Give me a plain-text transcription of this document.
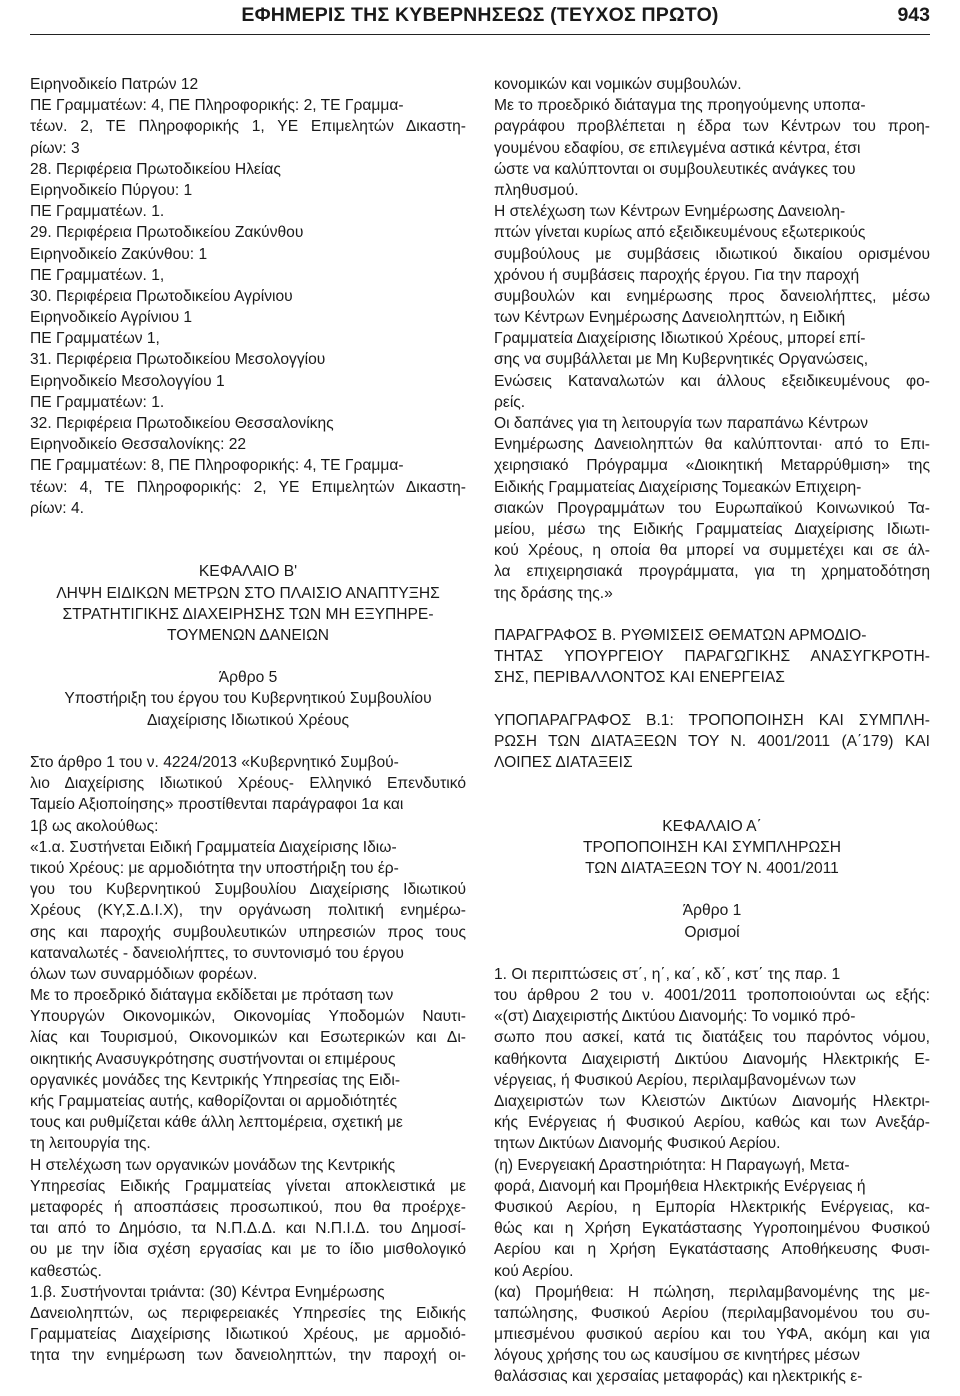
ΕΦΗΜΕΡΙΣ ΤΗΣ ΚΥΒΕΡΝΗΣΕΩΣ (ΤΕΥΧΟΣ ΠΡΩΤΟ)	943
Ειρηνοδικείο Πατρών 12
ΠΕ Γραμματέων: 4, ΠΕ Πληροφορικής: 2, ΤΕ Γραμμα-
τέων. 2, ΤΕ Πληροφορικής 1, ΥΕ Επιμελητών Δικαστη-
ρίων: 3
28. Περιφέρεια Πρωτοδικείου Ηλείας
Ειρηνοδικείο Πύργου: 1
ΠΕ Γραμματέων. 1.
29. Περιφέρεια Πρωτοδικείου Ζακύνθου
Ειρηνοδικείο Ζακύνθου: 1
ΠΕ Γραμματέων. 1,
30. Περιφέρεια Πρωτοδικείου Αγρίνιου
Ειρηνοδικείο Αγρίνιου 1
ΠΕ Γραμματέων 1,
31. Περιφέρεια Πρωτοδικείου Μεσολογγίου
Ειρηνοδικείο Μεσολογγίου 1
ΠΕ Γραμματέων: 1.
32. Περιφέρεια Πρωτοδικείου Θεσσαλονίκης
Ειρηνοδικείο Θεσσαλονίκης: 22
ΠΕ Γραμματέων: 8, ΠΕ Πληροφορικής: 4, ΤΕ Γραμμα-
τέων: 4, ΤΕ Πληροφορικής: 2, ΥΕ Επιμελητών Δικαστη-
ρίων: 4.
ΚΕΦΑΛΑΙΟ Β'
ΛΗΨΗ ΕΙΔΙΚΩΝ ΜΕΤΡΩΝ ΣΤΟ ΠΛΑΙΣΙΟ ΑΝΑΠΤΥΞΗΣ
ΣΤΡΑΤΗΤΙΓΙΚΗΣ ΔΙΑΧΕΙΡΗΣΗΣ ΤΩΝ ΜΗ ΕΞΥΠΗΡΕ-
ΤΟΥΜΕΝΩΝ ΔΑΝΕΙΩΝ
Άρθρο 5
Υποστήριξη του έργου του Κυβερνητικού Συμβουλίου
Διαχείρισης Ιδιωτικού Χρέους
Στο άρθρο 1 του ν. 4224/2013 «Κυβερνητικό Συμβού-
λιο Διαχείρισης Ιδιωτικού Χρέους- Ελληνικό Επενδυτικό
Ταμείο Αξιοποίησης» προστίθενται παράγραφοι 1α και
1β ως ακολούθως:
«1.α. Συστήνεται Ειδική Γραμματεία Διαχείρισης Ιδιω-
τικού Χρέους: με αρμοδιότητα την υποστήριξη του έρ-
γου του Κυβερνητικού Συμβουλίου Διαχείρισης Ιδιωτικού
Χρέους (ΚΥ,Σ.Δ.Ι.Χ), την οργάνωση πολιτική ενημέρω-
σης και παροχής συμβουλευτικών υπηρεσιών προς τους
καταναλωτές - δανειολήπτες, το συντονισμό του έργου
όλων των συναρμόδιων φορέων.
Με το προεδρικό διάταγμα εκδίδεται με πρόταση των
Υπουργών Οικονομικών, Οικονομίας Υποδομών Ναυτι-
λίας και Τουρισμού, Οικονομικών και Εσωτερικών και Δι-
οικητικής Ανασυγκρότησης συστήνονται οι επιμέρους
οργανικές μονάδες της Κεντρικής Υπηρεσίας της Ειδι-
κής Γραμματείας αυτής, καθορίζονται οι αρμοδιότητές
τους και ρυθμίζεται κάθε άλλη λεπτομέρεια, σχετική με
τη λειτουργία της.
Η στελέχωση των οργανικών μονάδων της Κεντρικής
Υπηρεσίας Ειδικής Γραμματείας γίνεται αποκλειστικά με
μεταφορές ή αποσπάσεις προσωπικού, που θα προέρχε-
ται από το Δημόσιο, τα Ν.Π.Δ.Δ. και Ν.Π.Ι.Δ. του Δημοσί-
ου με την ίδια σχέση εργασίας και με το ίδιο μισθολογικό
καθεστώς.
1.β. Συστήνονται τριάντα: (30) Κέντρα Ενημέρωσης
Δανειοληπτών, ως περιφερειακές Υπηρεσίες της Ειδικής
Γραμματείας Διαχείρισης Ιδιωτικού Χρέους, με αρμοδιό-
τητα την ενημέρωση των δανειοληπτών, την παροχή οι-
κονομικών και νομικών συμβουλών.
Με το προεδρικό διάταγμα της προηγούμενης υποπα-
ραγράφου προβλέπεται η έδρα των Κέντρων του προη-
γουμένου εδαφίου, σε επιλεγμένα αστικά κέντρα, έτσι
ώστε να καλύπτονται οι συμβουλευτικές ανάγκες του
πληθυσμού.
Η στελέχωση των Κέντρων Ενημέρωσης Δανειολη-
πτών γίνεται κυρίως από εξειδικευμένους εξωτερικούς
συμβούλους με συμβάσεις ιδιωτικού δικαίου ορισμένου
χρόνου ή συμβάσεις παροχής έργου. Για την παροχή
συμβουλών και ενημέρωσης προς δανειολήπτες, μέσω
των Κέντρων Ενημέρωσης Δανειοληπτών, η Ειδική
Γραμματεία Διαχείρισης Ιδιωτικού Χρέους, μπορεί επί-
σης να συμβάλλεται με Μη Κυβερνητικές Οργανώσεις,
Ενώσεις Καταναλωτών και άλλους εξειδικευμένους φο-
ρείς.
Οι δαπάνες για τη λειτουργία των παραπάνω Κέντρων
Ενημέρωσης Δανειοληπτών θα καλύπτονται· από το Επι-
χειρησιακό Πρόγραμμα «Διοικητική Μεταρρύθμιση» της
Ειδικής Γραμματείας Διαχείρισης Τομεακών Επιχειρη-
σιακών Προγραμμάτων του Ευρωπαϊκού Κοινωνικού Τα-
μείου, μέσω της Ειδικής Γραμματείας Διαχείρισης Ιδιωτι-
κού Χρέους, η οποία θα μπορεί να συμμετέχει και σε άλ-
λα επιχειρησιακά προγράμματα, για τη χρηματοδότηση
της δράσης της.»
ΠΑΡΑΓΡΑΦΟΣ Β. ΡΥΘΜΙΣΕΙΣ ΘΕΜΑΤΩΝ ΑΡΜΟΔΙΟ-
ΤΗΤΑΣ ΥΠΟΥΡΓΕΙΟΥ ΠΑΡΑΓΩΓΙΚΗΣ ΑΝΑΣΥΓΚΡΟΤΗ-
ΣΗΣ, ΠΕΡΙΒΑΛΛΟΝΤΟΣ ΚΑΙ ΕΝΕΡΓΕΙΑΣ
ΥΠΟΠΑΡΑΓΡΑΦΟΣ Β.1: ΤΡΟΠΟΠΟΙΗΣΗ ΚΑΙ ΣΥΜΠΛΗ-
ΡΩΣΗ ΤΩΝ ΔΙΑΤΑΞΕΩΝ ΤΟΥ Ν. 4001/2011 (Α΄179) ΚΑΙ
ΛΟΙΠΕΣ ΔΙΑΤΑΞΕΙΣ
ΚΕΦΑΛΑΙΟ Α΄
ΤΡΟΠΟΠΟΙΗΣΗ ΚΑΙ ΣΥΜΠΛΗΡΩΣΗ
ΤΩΝ ΔΙΑΤΑΞΕΩΝ ΤΟΥ Ν. 4001/2011
Άρθρο 1
Ορισμοί
1. Οι περιπτώσεις στ΄, η΄, κα΄, κδ΄, κστ΄ της παρ. 1
του άρθρου 2 του ν. 4001/2011 τροποποιούνται ως εξής:
«(στ) Διαχειριστής Δικτύου Διανομής: Το νομικό πρό-
σωπο που ασκεί, κατά τις διατάξεις του παρόντος νόμου,
καθήκοντα Διαχειριστή Δικτύου Διανομής Ηλεκτρικής Ε-
νέργειας, ή Φυσικού Αερίου, περιλαμβανομένων των
Διαχειριστών των Κλειστών Δικτύων Διανομής Ηλεκτρι-
κής Ενέργειας ή Φυσικού Αερίου, καθώς και των Ανεξάρ-
τητων Δικτύων Διανομής Φυσικού Αερίου.
(η) Ενεργειακή Δραστηριότητα: Η Παραγωγή, Μετα-
φορά, Διανομή και Προμήθεια Ηλεκτρικής Ενέργειας ή
Φυσικού Αερίου, η Εμπορία Ηλεκτρικής Ενέργειας, κα-
θώς και η Χρήση Εγκατάστασης Υγροποιημένου Φυσικού
Αερίου και η Χρήση Εγκατάστασης Αποθήκευσης Φυσι-
κού Αερίου.
(κα) Προμήθεια: Η πώληση, περιλαμβανομένης της με-
ταπώλησης, Φυσικού Αερίου (περιλαμβανομένου του συ-
μπιεσμένου φυσικού αερίου και του ΥΦΑ, ακόμη και για
λόγους χρήσης του ως καυσίμου σε κινητήρες μέσων
θαλάσσιας και χερσαίας μεταφοράς) και ηλεκτρικής ε-
